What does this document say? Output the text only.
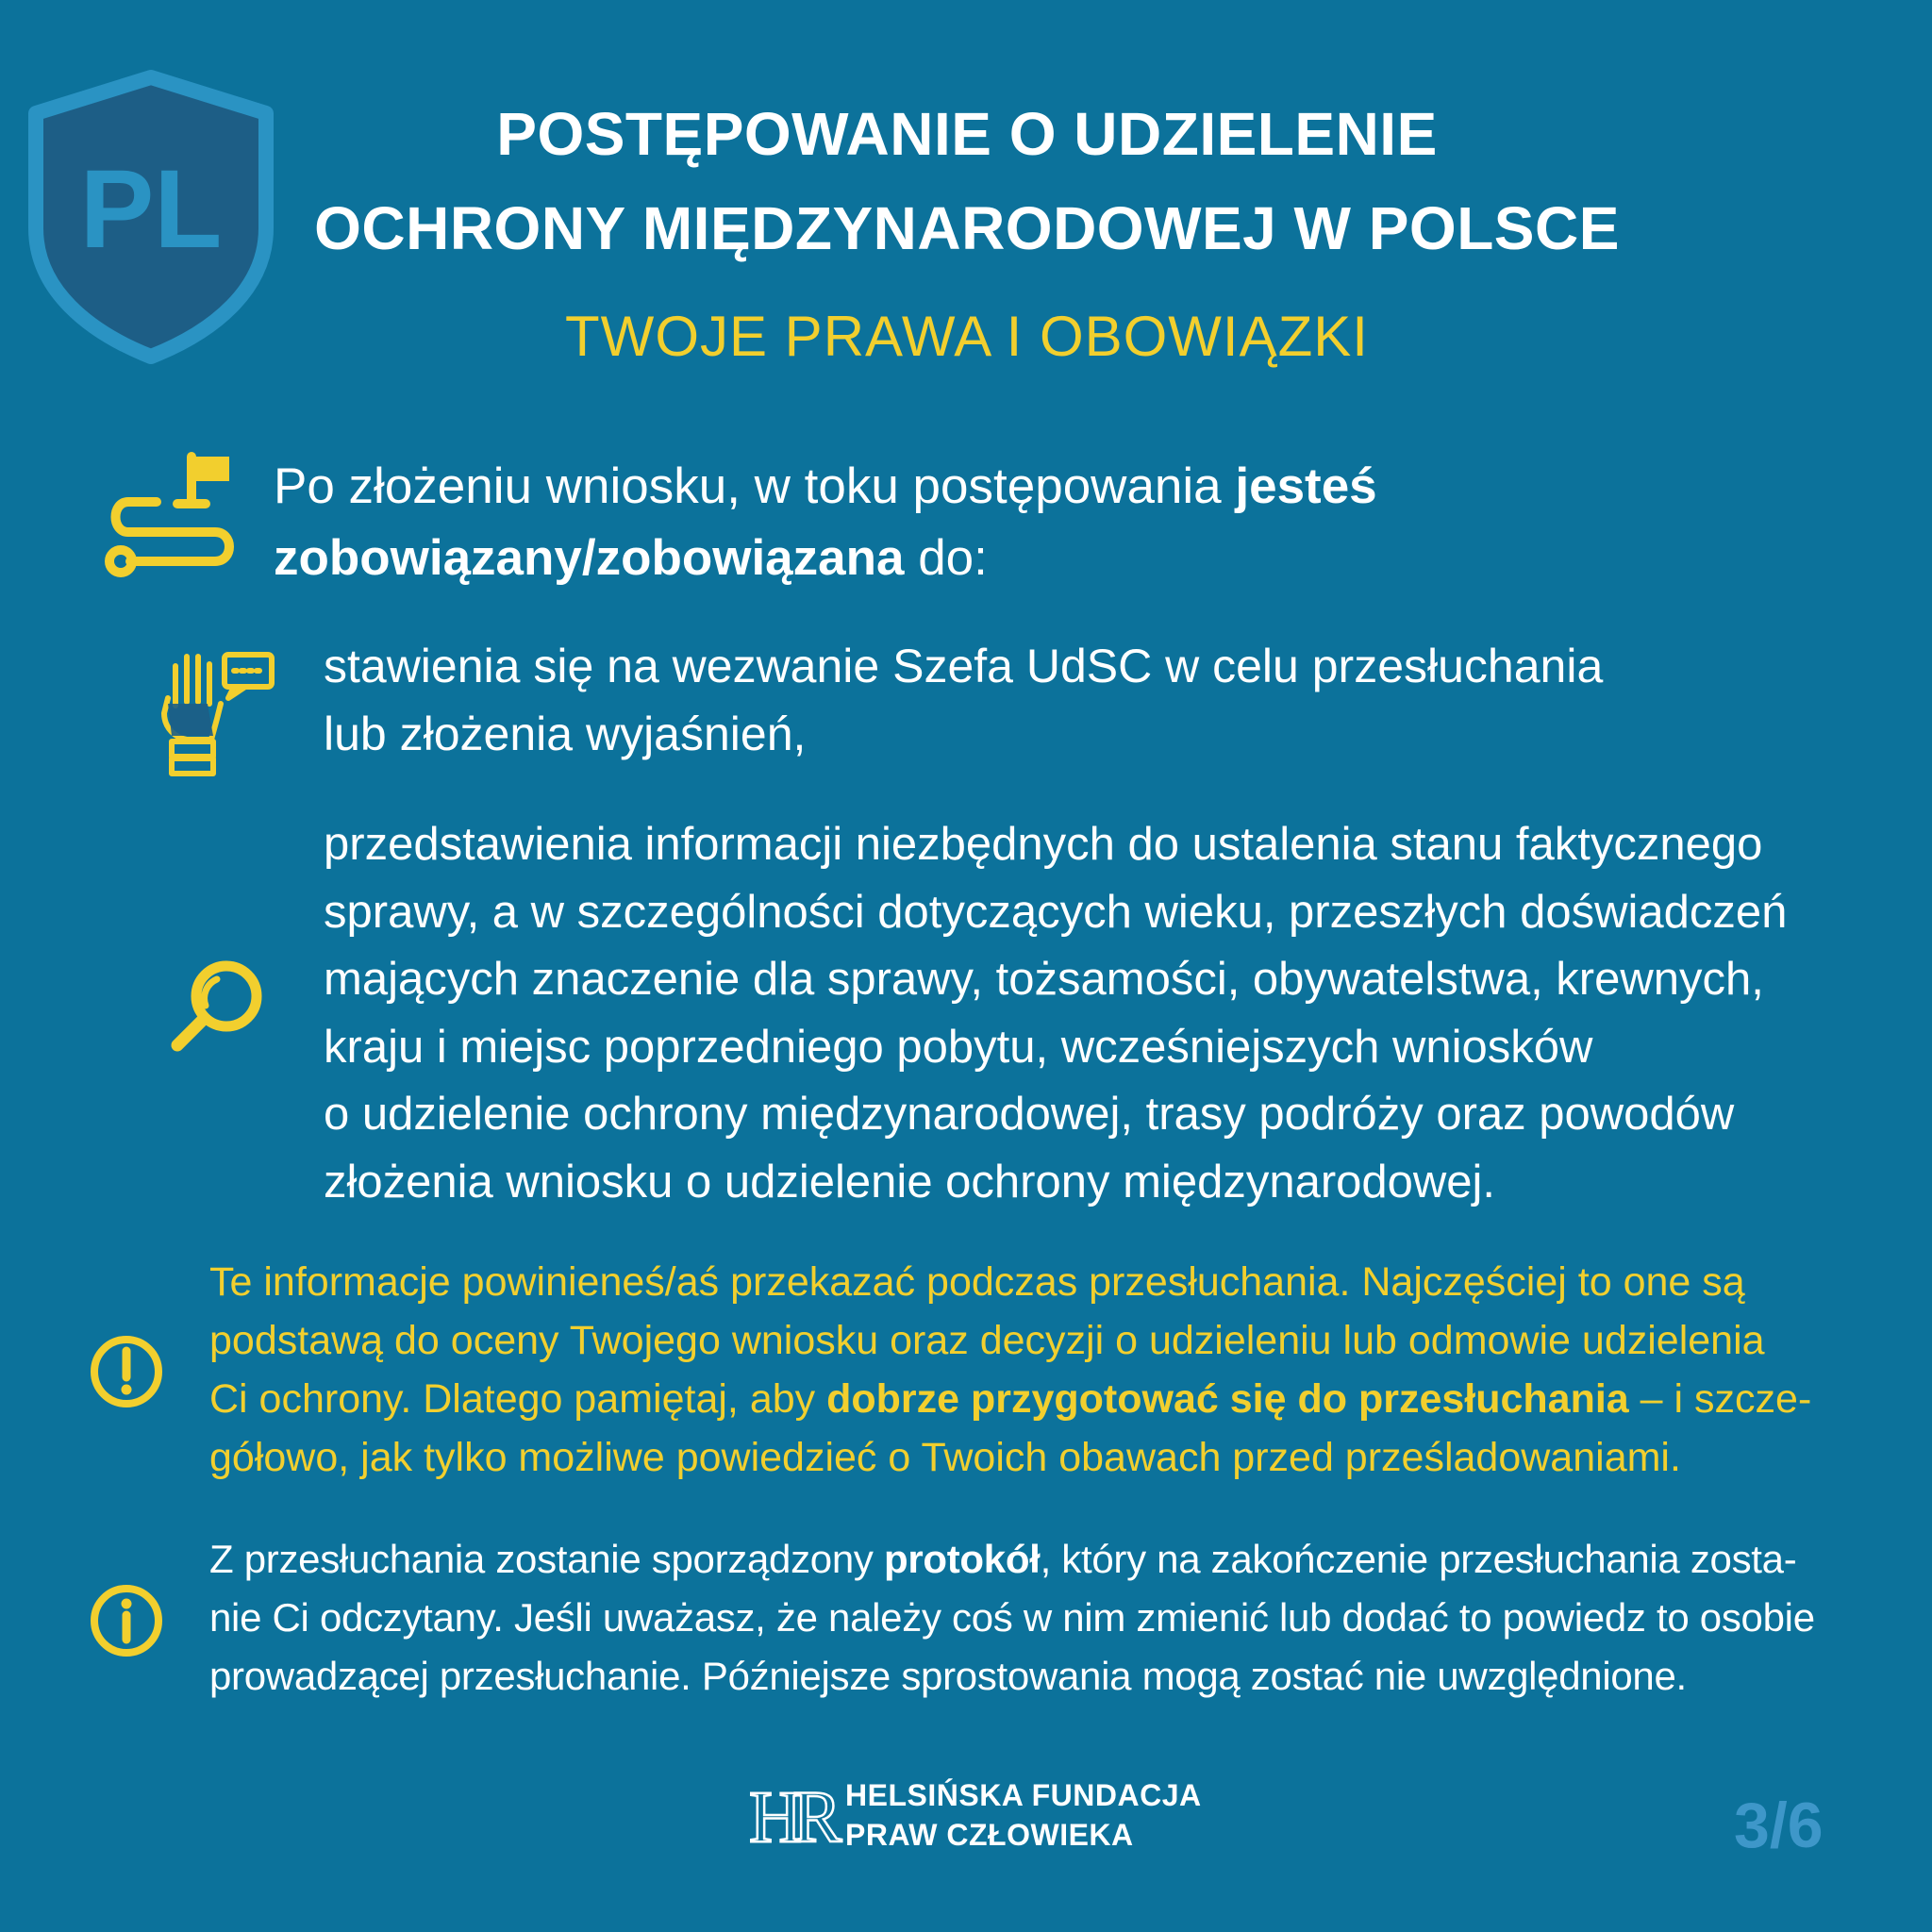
PL
POSTĘPOWANIE O UDZIELENIE
OCHRONY MIĘDZYNARODOWEJ W POLSCE
TWOJE PRAWA I OBOWIĄZKI
Po złożeniu wniosku, w toku postępowania jesteś zobowiązany/zobowiązana do:
stawienia się na wezwanie Szefa UdSC w celu przesłuchania
lub złożenia wyjaśnień,
przedstawienia informacji niezbędnych do ustalenia stanu faktycznego
sprawy, a w szczególności dotyczących wieku, przeszłych doświadczeń
mających znaczenie dla sprawy, tożsamości, obywatelstwa, krewnych,
kraju i miejsc poprzedniego pobytu, wcześniejszych wniosków
o udzielenie ochrony międzynarodowej, trasy podróży oraz powodów
złożenia wniosku o udzielenie ochrony międzynarodowej.
Te informacje powinieneś/aś przekazać podczas przesłuchania. Najczęściej to one są
podstawą do oceny Twojego wniosku oraz decyzji o udzieleniu lub odmowie udzielenia
Ci ochrony. Dlatego pamiętaj, aby dobrze przygotować się do przesłuchania – i szcze-
gółowo, jak tylko możliwe powiedzieć o Twoich obawach przed prześladowaniami.
Z przesłuchania zostanie sporządzony protokół, który na zakończenie przesłuchania zosta-
nie Ci odczytany. Jeśli uważasz, że należy coś w nim zmienić lub dodać to powiedz to osobie
prowadzącej przesłuchanie. Późniejsze sprostowania mogą zostać nie uwzględnione.
HR HELSIŃSKA FUNDACJA
PRAW CZŁOWIEKA	3/6
